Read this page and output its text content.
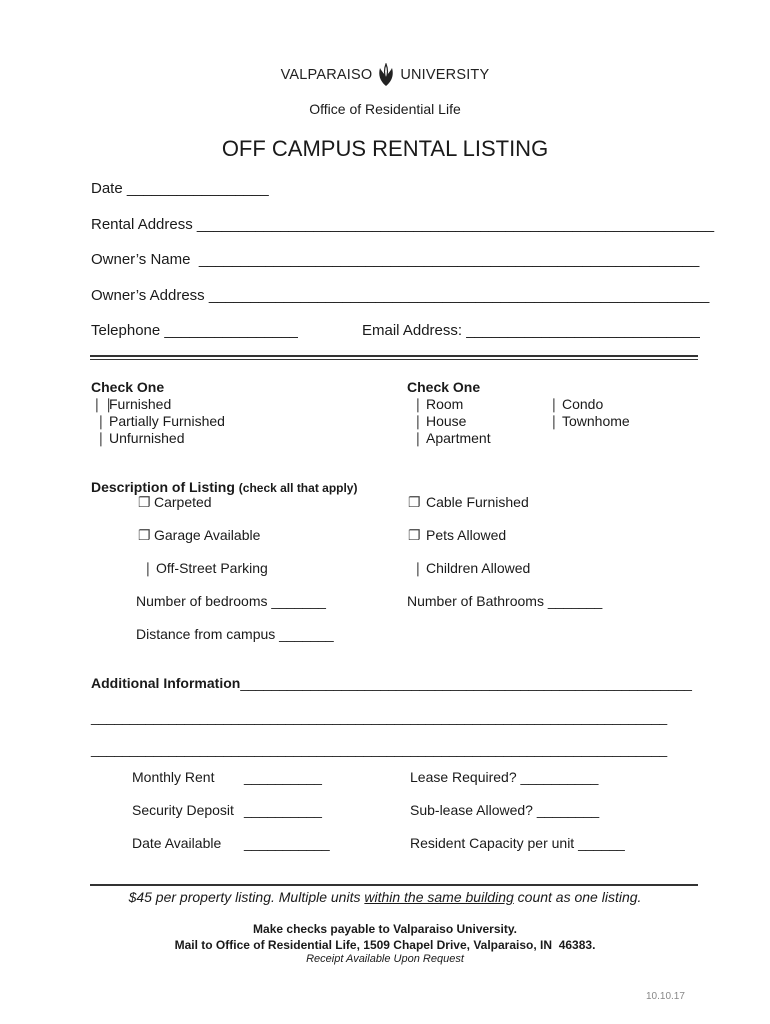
VALPARAISO UNIVERSITY
Office of Residential Life
OFF CAMPUS RENTAL LISTING
Date _________________
Rental Address ______________________________________________________________
Owner’s Name  ____________________________________________________________
Owner’s Address ____________________________________________________________
Telephone ________________	Email Address: ____________________________
Check One
❘❘Furnished
❘ Partially Furnished
❘ Unfurnished
Check One
❘ Room
❘ House
❘ Apartment
❘ Condo
❘ Townhome
Description of Listing (check all that apply)
❐ Carpeted	❐ Cable Furnished
❐ Garage Available	❐ Pets Allowed
❘ Off-Street Parking	❘ Children Allowed
Number of bedrooms _______	Number of Bathrooms _______
Distance from campus _______
Additional Information__________________________________________________________
__________________________________________________________________________
__________________________________________________________________________
Monthly Rent __________	Lease Required? __________
Security Deposit __________	Sub-lease Allowed? ________
Date Available ___________	Resident Capacity per unit ______
$45 per property listing. Multiple units within the same building count as one listing.
Make checks payable to Valparaiso University.
Mail to Office of Residential Life, 1509 Chapel Drive, Valparaiso, IN  46383.
Receipt Available Upon Request
10.10.17
